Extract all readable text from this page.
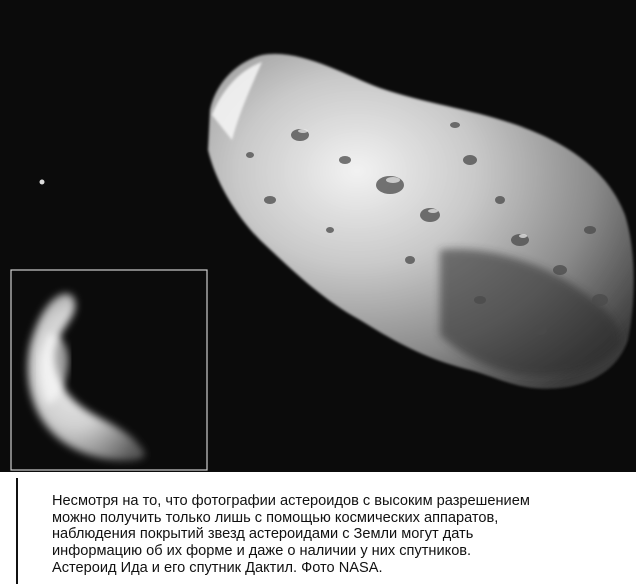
Несмотря на то, что фотографии астероидов с высоким разрешением
можно получить только лишь с помощью космических аппаратов,
наблюдения покрытий звезд астероидами с Земли могут дать
информацию об их форме и даже о наличии у них спутников.
Астероид Ида и его спутник Дактил. Фото NASA.
